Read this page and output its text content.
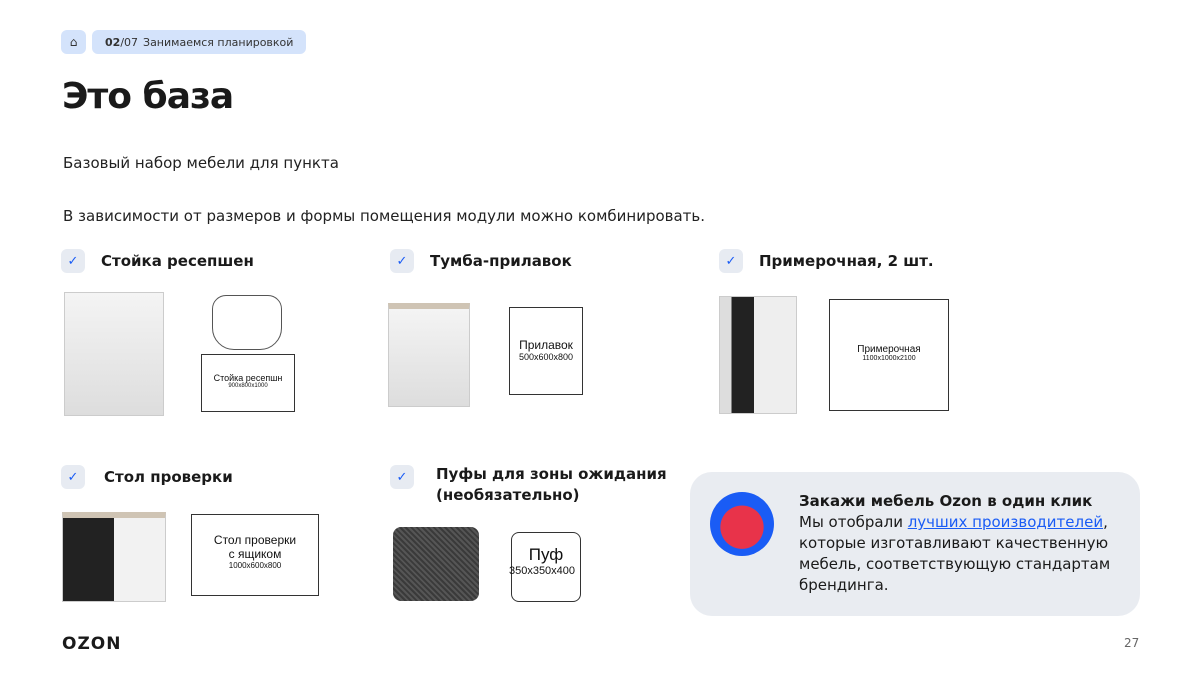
⌂	02/07 Занимаемся планировкой
Это база
Базовый набор мебели для пункта
В зависимости от размеров и формы помещения модули можно комбинировать.
✓	Стойка ресепшен
Стойка ресепшн
900x800x1000
✓	Тумба-прилавок
Прилавок
500x600x800
✓	Примерочная, 2 шт.
Примерочная
1100x1000x2100
✓	Стол проверки
Стол проверки
с ящиком
1000x600x800
✓	Пуфы для зоны ожидания
(необязательно)
Пуф
350x350x400
Закажи мебель Ozon в один клик
Мы отобрали лучших производителей, которые изготавливают качественную мебель, соответствующую стандартам брендинга.
OZON	27
